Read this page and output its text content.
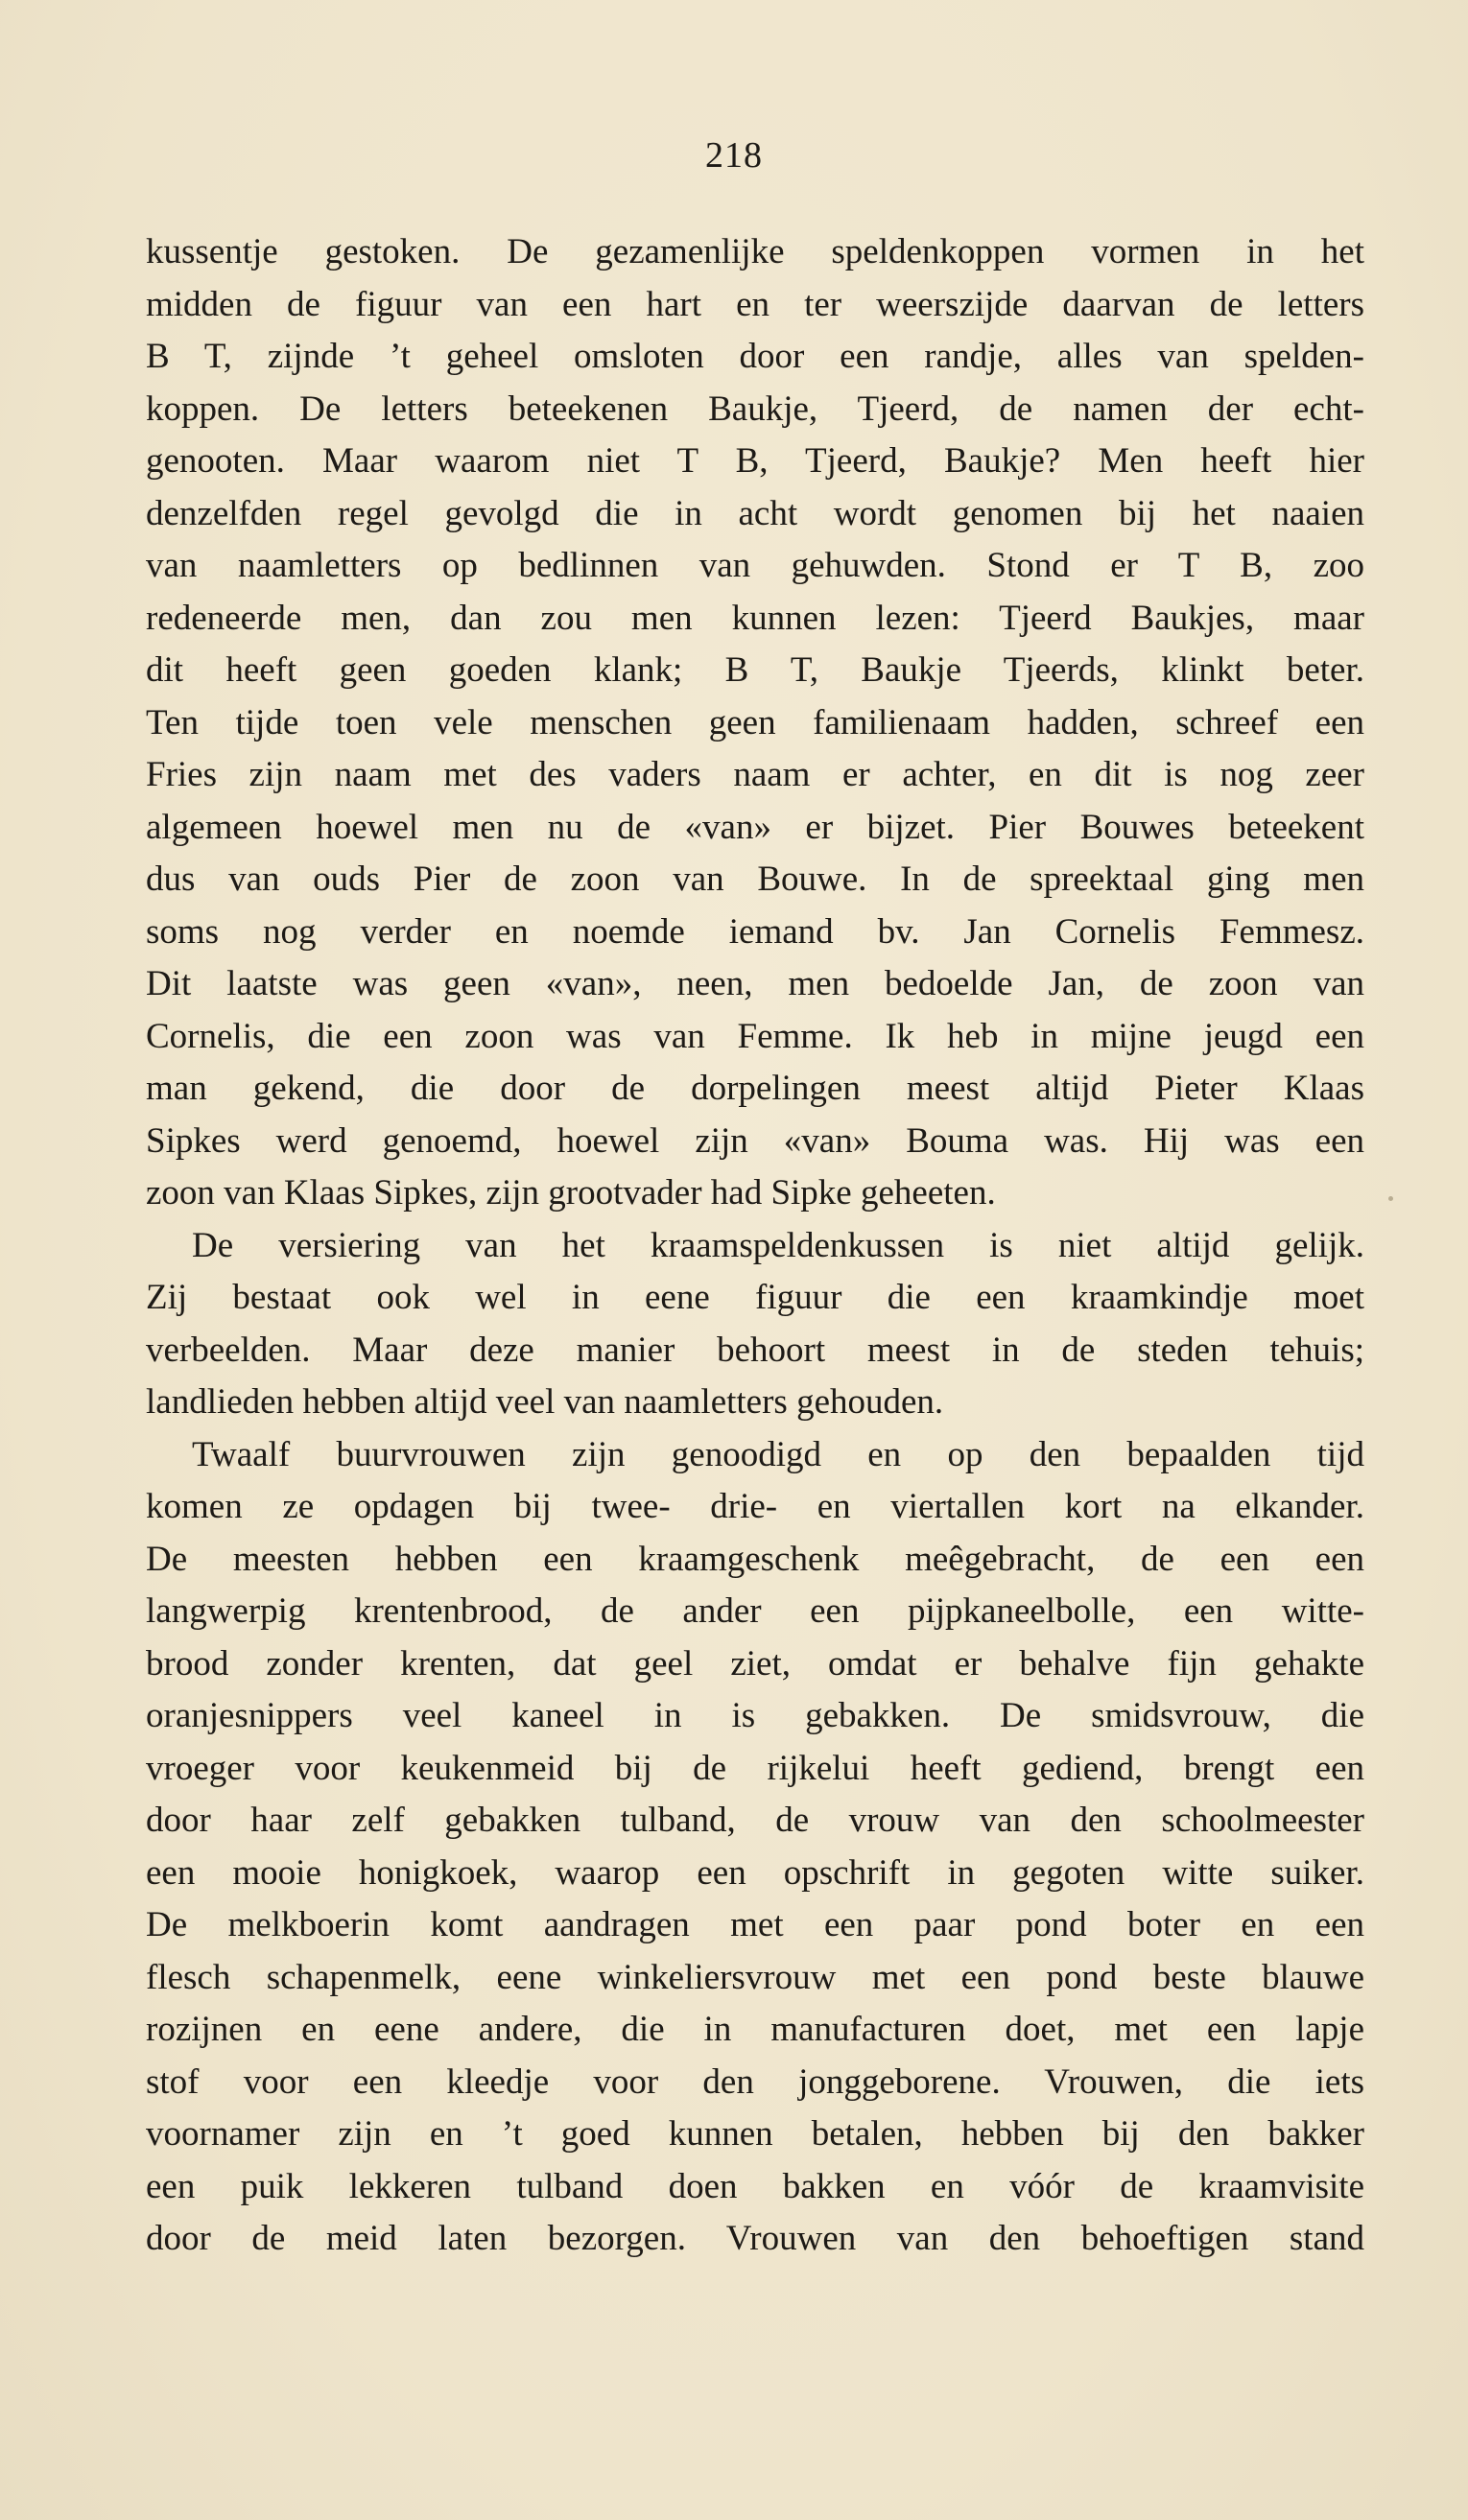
218
kussentje gestoken. De gezamenlijke speldenkoppen vormen in het
midden de figuur van een hart en ter weerszijde daarvan de letters
B T, zijnde ’t geheel omsloten door een randje, alles van spelden-
koppen. De letters beteekenen Baukje, Tjeerd, de namen der echt-
genooten. Maar waarom niet T B, Tjeerd, Baukje? Men heeft hier
denzelfden regel gevolgd die in acht wordt genomen bij het naaien
van naamletters op bedlinnen van gehuwden. Stond er T B, zoo
redeneerde men, dan zou men kunnen lezen: Tjeerd Baukjes, maar
dit heeft geen goeden klank; B T, Baukje Tjeerds, klinkt beter.
Ten tijde toen vele menschen geen familienaam hadden, schreef een
Fries zijn naam met des vaders naam er achter, en dit is nog zeer
algemeen hoewel men nu de «van» er bijzet. Pier Bouwes beteekent
dus van ouds Pier de zoon van Bouwe. In de spreektaal ging men
soms nog verder en noemde iemand bv. Jan Cornelis Femmesz.
Dit laatste was geen «van», neen, men bedoelde Jan, de zoon van
Cornelis, die een zoon was van Femme. Ik heb in mijne jeugd een
man gekend, die door de dorpelingen meest altijd Pieter Klaas
Sipkes werd genoemd, hoewel zijn «van» Bouma was. Hij was een
zoon van Klaas Sipkes, zijn grootvader had Sipke geheeten.
De versiering van het kraamspeldenkussen is niet altijd gelijk.
Zij bestaat ook wel in eene figuur die een kraamkindje moet
verbeelden. Maar deze manier behoort meest in de steden tehuis;
landlieden hebben altijd veel van naamletters gehouden.
Twaalf buurvrouwen zijn genoodigd en op den bepaalden tijd
komen ze opdagen bij twee- drie- en viertallen kort na elkander.
De meesten hebben een kraamgeschenk meêgebracht, de een een
langwerpig krentenbrood, de ander een pijpkaneelbolle, een witte-
brood zonder krenten, dat geel ziet, omdat er behalve fijn gehakte
oranjesnippers veel kaneel in is gebakken. De smidsvrouw, die
vroeger voor keukenmeid bij de rijkelui heeft gediend, brengt een
door haar zelf gebakken tulband, de vrouw van den schoolmeester
een mooie honigkoek, waarop een opschrift in gegoten witte suiker.
De melkboerin komt aandragen met een paar pond boter en een
flesch schapenmelk, eene winkeliersvrouw met een pond beste blauwe
rozijnen en eene andere, die in manufacturen doet, met een lapje
stof voor een kleedje voor den jonggeborene. Vrouwen, die iets
voornamer zijn en ’t goed kunnen betalen, hebben bij den bakker
een puik lekkeren tulband doen bakken en vóór de kraamvisite
door de meid laten bezorgen. Vrouwen van den behoeftigen stand
